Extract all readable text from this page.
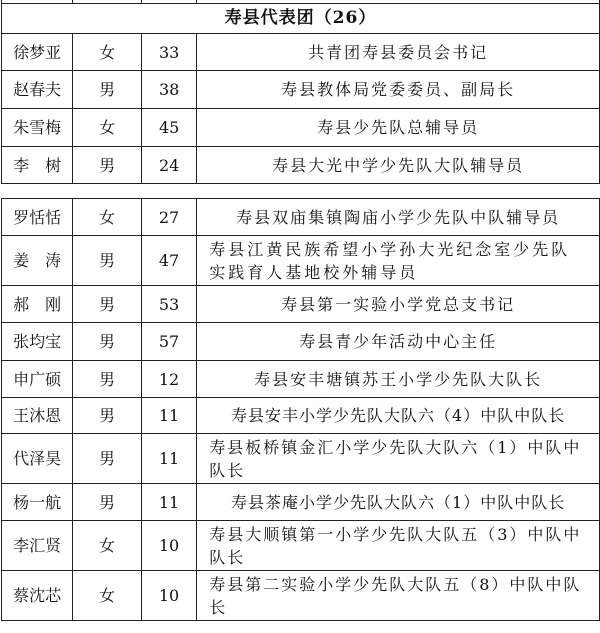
寿县代表团（26）			
徐梦亚	女	33	共青团寿县委员会书记
赵春夫	男	38	寿县教体局党委委员、副局长
朱雪梅	女	45	寿县少先队总辅导员
李　树	男	24	寿县大光中学少先队大队辅导员
罗恬恬	女	27	寿县双庙集镇陶庙小学少先队中队辅导员
姜　涛	男	47	寿县江黄民族希望小学孙大光纪念室少先队实践育人基地校外辅导员
郝　刚	男	53	寿县第一实验小学党总支书记
张均宝	男	57	寿县青少年活动中心主任
申广硕	男	12	寿县安丰塘镇苏王小学少先队大队长
王沐恩	男	11	寿县安丰小学少先队大队六（4）中队中队长
代泽昊	男	11	寿县板桥镇金汇小学少先队大队六（1）中队中队长
杨一航	男	11	寿县茶庵小学少先队大队六（1）中队中队长
李汇贤	女	10	寿县大顺镇第一小学少先队大队五（3）中队中队长
蔡沈芯	女	10	寿县第二实验小学少先队大队五（8）中队中队长
